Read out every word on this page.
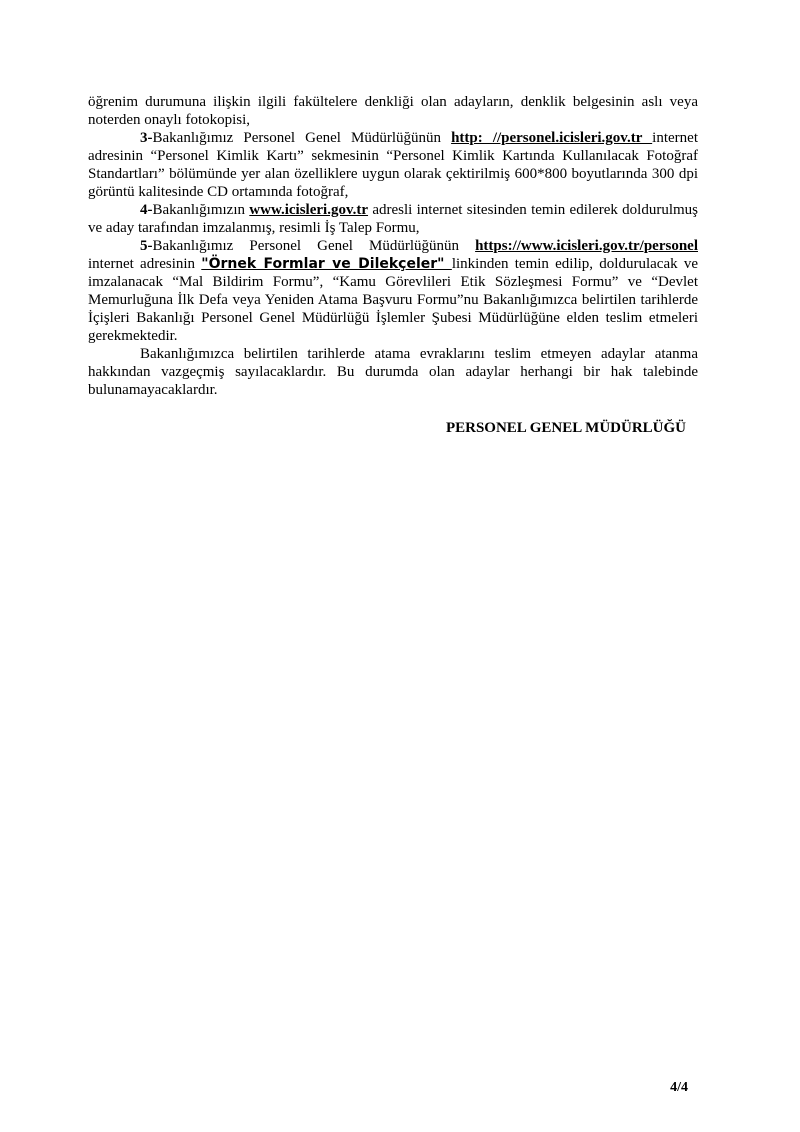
öğrenim durumuna ilişkin ilgili fakültelere denkliği olan adayların, denklik belgesinin aslı veya noterden onaylı fotokopisi,

3-Bakanlığımız Personel Genel Müdürlüğünün http: //personel.icisleri.gov.tr internet adresinin “Personel Kimlik Kartı” sekmesinin “Personel Kimlik Kartında Kullanılacak Fotoğraf Standartları” bölümünde yer alan özelliklere uygun olarak çektirilmiş 600*800 boyutlarında 300 dpi görüntü kalitesinde CD ortamında fotoğraf,

4-Bakanlığımızın www.icisleri.gov.tr adresli internet sitesinden temin edilerek doldurulmuş ve aday tarafından imzalanmış, resimli İş Talep Formu,

5-Bakanlığımız Personel Genel Müdürlüğünün https://www.icisleri.gov.tr/personel internet adresinin "Örnek Formlar ve Dilekçeler" linkinden temin edilip, doldurulacak ve imzalanacak “Mal Bildirim Formu”, “Kamu Görevlileri Etik Sözleşmesi Formu” ve “Devlet Memurluğuna İlk Defa veya Yeniden Atama Başvuru Formu”nu Bakanlığımızca belirtilen tarihlerde İçişleri Bakanlığı Personel Genel Müdürlüğü İşlemler Şubesi Müdürlüğüne elden teslim etmeleri gerekmektedir.

Bakanlığımızca belirtilen tarihlerde atama evraklarını teslim etmeyen adaylar atanma hakkından vazgeçmiş sayılacaklardır. Bu durumda olan adaylar herhangi bir hak talebinde bulunamayacaklardır.

PERSONEL GENEL MÜDÜRLÜĞÜ
4/4
